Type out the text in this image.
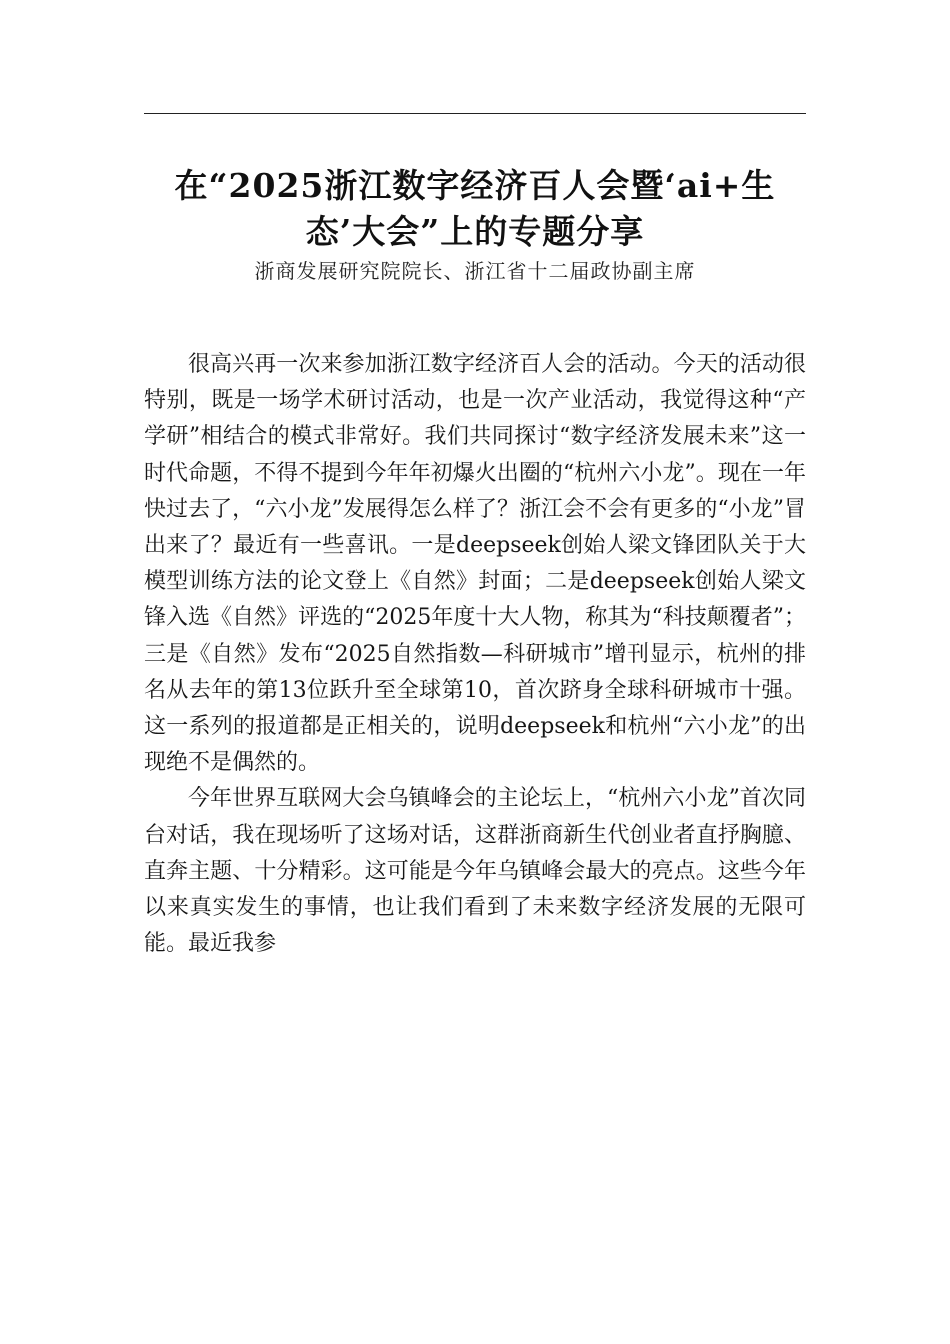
在“2025浙江数字经济百人会暨‘ai+生态’大会”上的专题分享

浙商发展研究院院长、浙江省十二届政协副主席

很高兴再一次来参加浙江数字经济百人会的活动。今天的活动很特别，既是一场学术研讨活动，也是一次产业活动，我觉得这种“产学研”相结合的模式非常好。我们共同探讨“数字经济发展未来”这一时代命题，不得不提到今年年初爆火出圈的“杭州六小龙”。现在一年快过去了，“六小龙”发展得怎么样了？浙江会不会有更多的“小龙”冒出来了？最近有一些喜讯。一是deepseek创始人梁文锋团队关于大模型训练方法的论文登上《自然》封面；二是deepseek创始人梁文锋入选《自然》评选的“2025年度十大人物，称其为“科技颠覆者”；三是《自然》发布“2025自然指数—科研城市”增刊显示，杭州的排名从去年的第13位跃升至全球第10，首次跻身全球科研城市十强。这一系列的报道都是正相关的，说明deepseek和杭州“六小龙”的出现绝不是偶然的。

今年世界互联网大会乌镇峰会的主论坛上，“杭州六小龙”首次同台对话，我在现场听了这场对话，这群浙商新生代创业者直抒胸臆、直奔主题、十分精彩。这可能是今年乌镇峰会最大的亮点。这些今年以来真实发生的事情，也让我们看到了未来数字经济发展的无限可能。最近我参
